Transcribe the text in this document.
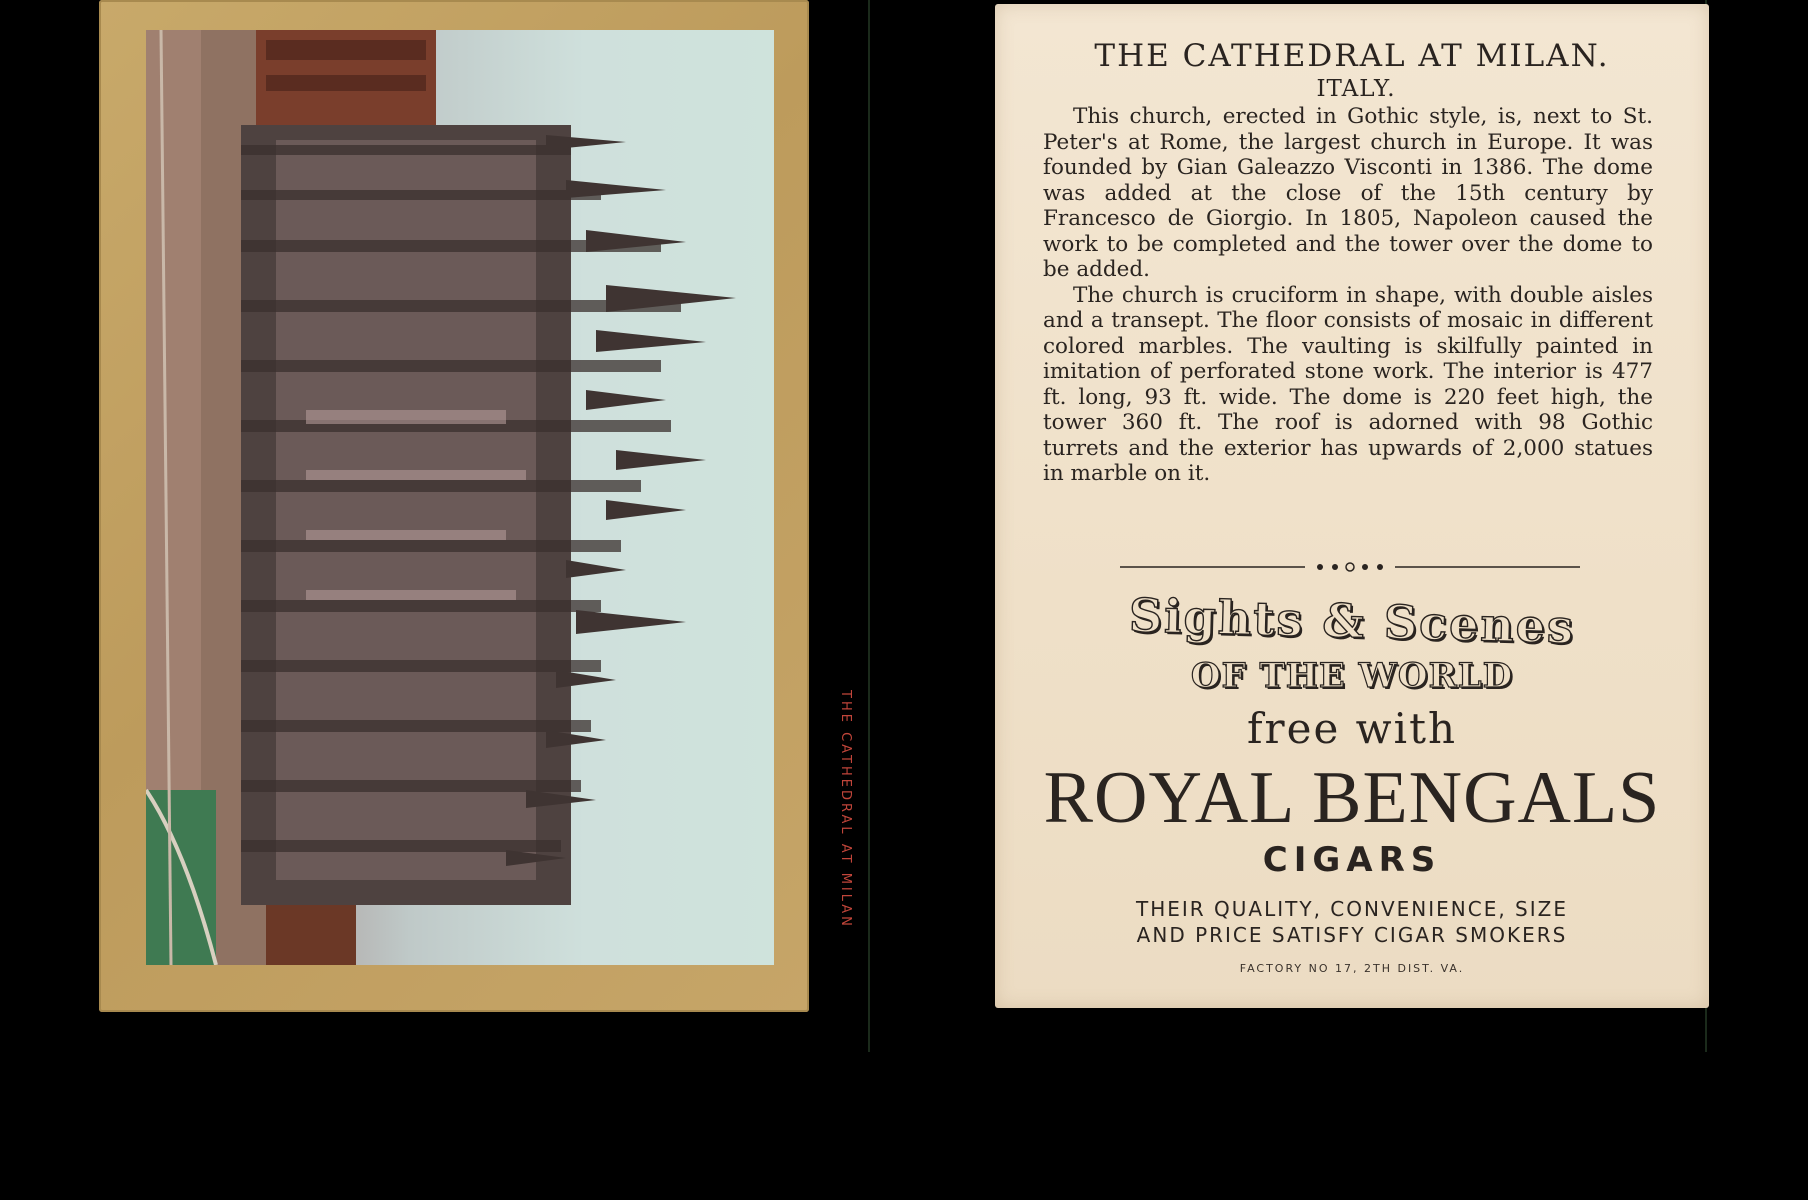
THE CATHEDRAL AT MILAN
THE CATHEDRAL AT MILAN.
ITALY.

This church, erected in Gothic style, is, next to St. Peter's at Rome, the largest church in Europe. It was founded by Gian Galeazzo Visconti in 1386. The dome was added at the close of the 15th century by Francesco de Giorgio. In 1805, Napoleon caused the work to be completed and the tower over the dome to be added.

The church is cruciform in shape, with double aisles and a transept. The floor consists of mosaic in different colored marbles. The vaulting is skilfully painted in imitation of perforated stone work. The interior is 477 ft. long, 93 ft. wide. The dome is 220 feet high, the tower 360 ft. The roof is adorned with 98 Gothic turrets and the exterior has upwards of 2,000 statues in marble on it.

Sights & Scenes
OF THE WORLD
free with
ROYAL BENGALS
CIGARS
THEIR QUALITY, CONVENIENCE, SIZE
AND PRICE SATISFY CIGAR SMOKERS
FACTORY NO 17, 2TH DIST. VA.
